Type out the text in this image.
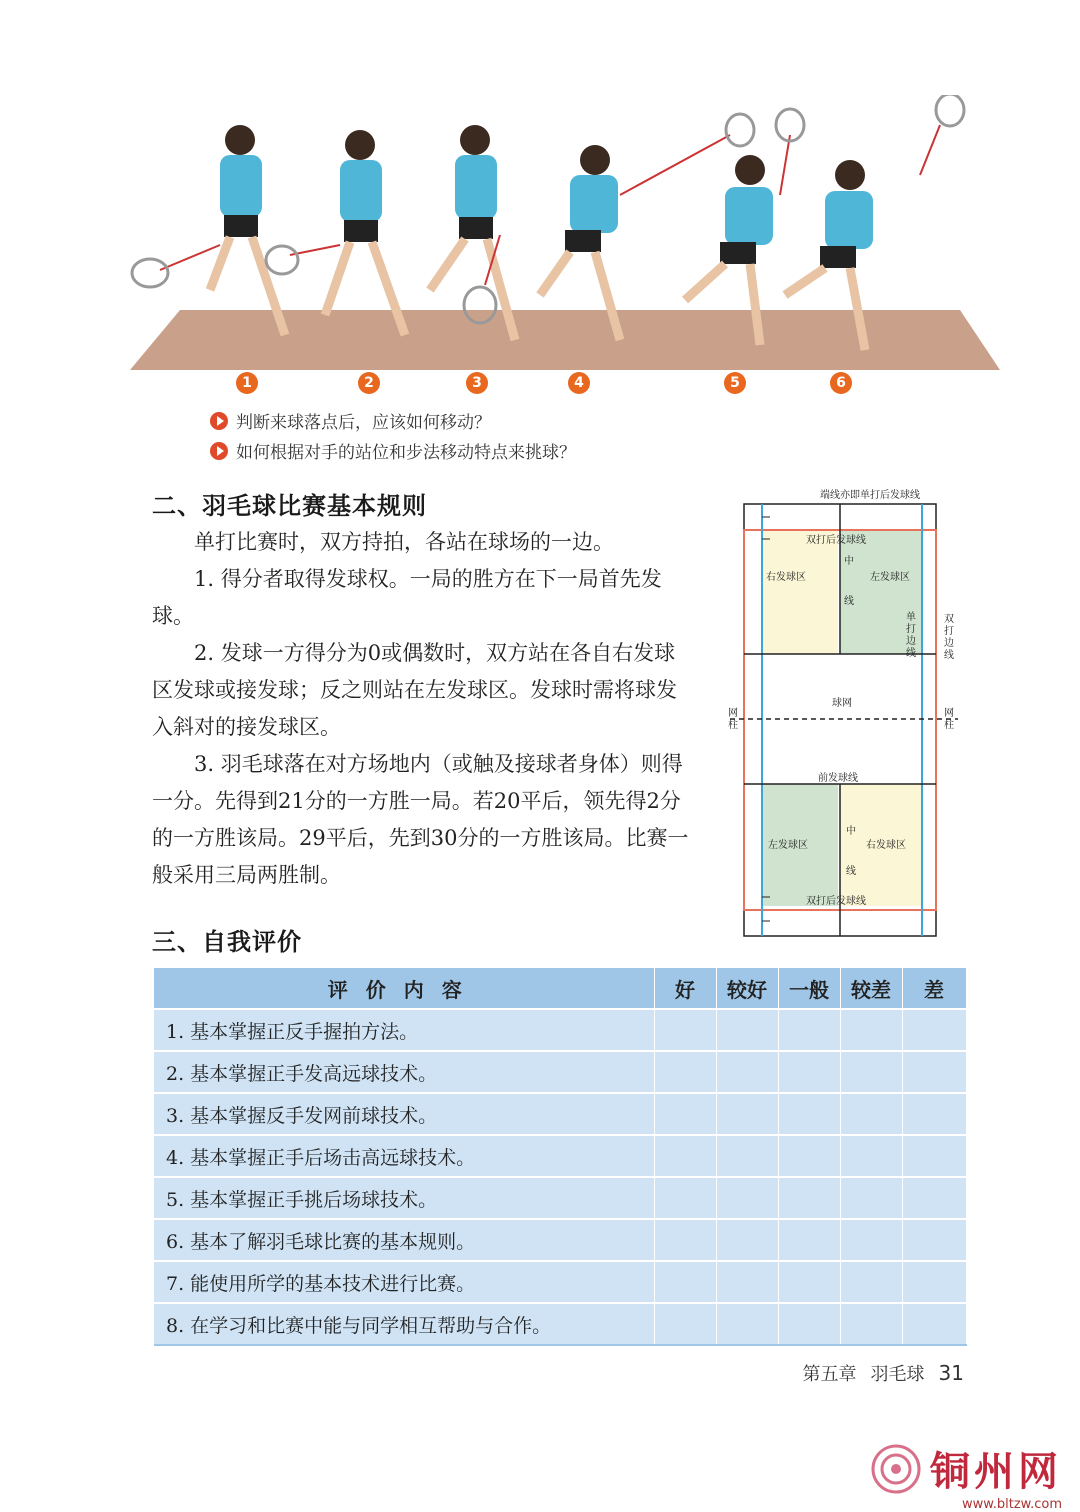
1	2	3	4	5	6
判断来球落点后，应该如何移动？
如何根据对手的站位和步法移动特点来挑球？
二、羽毛球比赛基本规则

单打比赛时，双方持拍，各站在球场的一边。

1. 得分者取得发球权。一局的胜方在下一局首先发球。

2. 发球一方得分为0或偶数时，双方站在各自右发球区发球或接发球；反之则站在左发球区。发球时需将球发入斜对的接发球区。

3. 羽毛球落在对方场地内（或触及接球者身体）则得一分。先得到21分的一方胜一局。若20平后，领先得2分的一方胜该局。29平后，先到30分的一方胜该局。比赛一般采用三局两胜制。

端线亦即单打后发球线
双打后发球线
右发球区	左发球区
中
线
单
打
边
线
双
打
边
线
球网
网
柱
网
柱
前发球线
左发球区	右发球区
中
线
双打后发球线
三、自我评价
评价内容	好	较好	一般	较差	差
1. 基本掌握正反手握拍方法。					
2. 基本掌握正手发高远球技术。					
3. 基本掌握反手发网前球技术。					
4. 基本掌握正手后场击高远球技术。					
5. 基本掌握正手挑后场球技术。					
6. 基本了解羽毛球比赛的基本规则。					
7. 能使用所学的基本技术进行比赛。					
8. 在学习和比赛中能与同学相互帮助与合作。					
第五章 羽毛球 31
铜州网
www.bltzw.com
